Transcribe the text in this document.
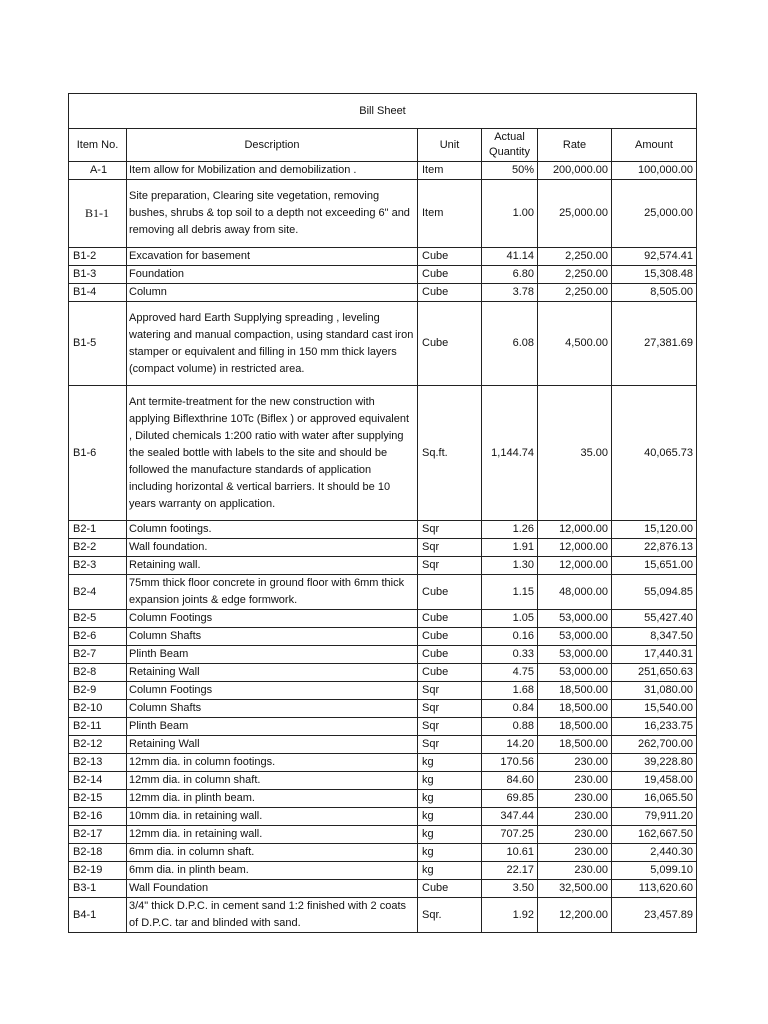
Bill Sheet					
Item No.	Description	Unit	Actual Quantity	Rate	Amount
A-1	Item allow for Mobilization and demobilization .	Item	50%	200,000.00	100,000.00
B1-1	Site preparation, Clearing site vegetation, removing bushes, shrubs & top soil to a depth not exceeding 6" and removing all debris away from site.	Item	1.00	25,000.00	25,000.00
B1-2	Excavation for basement	Cube	41.14	2,250.00	92,574.41
B1-3	Foundation	Cube	6.80	2,250.00	15,308.48
B1-4	Column	Cube	3.78	2,250.00	8,505.00
B1-5	Approved hard Earth Supplying spreading , leveling watering and manual compaction, using standard cast iron stamper or equivalent and filling in 150 mm thick layers (compact volume) in restricted area.	Cube	6.08	4,500.00	27,381.69
B1-6	Ant termite-treatment for the new construction with applying Biflexthrine 10Tc (Biflex ) or approved equivalent , Diluted chemicals 1:200 ratio with water after supplying the sealed bottle with labels to the site and should be followed the manufacture standards of application including horizontal & vertical barriers. It should be 10 years warranty on application.	Sq.ft.	1,144.74	35.00	40,065.73
B2-1	Column footings.	Sqr	1.26	12,000.00	15,120.00
B2-2	Wall foundation.	Sqr	1.91	12,000.00	22,876.13
B2-3	Retaining wall.	Sqr	1.30	12,000.00	15,651.00
B2-4	75mm thick floor concrete in ground floor with 6mm thick expansion joints & edge formwork.	Cube	1.15	48,000.00	55,094.85
B2-5	Column Footings	Cube	1.05	53,000.00	55,427.40
B2-6	Column Shafts	Cube	0.16	53,000.00	8,347.50
B2-7	Plinth Beam	Cube	0.33	53,000.00	17,440.31
B2-8	Retaining Wall	Cube	4.75	53,000.00	251,650.63
B2-9	Column Footings	Sqr	1.68	18,500.00	31,080.00
B2-10	Column Shafts	Sqr	0.84	18,500.00	15,540.00
B2-11	Plinth Beam	Sqr	0.88	18,500.00	16,233.75
B2-12	Retaining Wall	Sqr	14.20	18,500.00	262,700.00
B2-13	12mm dia. in column footings.	kg	170.56	230.00	39,228.80
B2-14	12mm dia. in column shaft.	kg	84.60	230.00	19,458.00
B2-15	12mm dia. in plinth beam.	kg	69.85	230.00	16,065.50
B2-16	10mm dia. in retaining wall.	kg	347.44	230.00	79,911.20
B2-17	12mm dia. in retaining wall.	kg	707.25	230.00	162,667.50
B2-18	6mm dia. in column shaft.	kg	10.61	230.00	2,440.30
B2-19	6mm dia. in plinth beam.	kg	22.17	230.00	5,099.10
B3-1	Wall Foundation	Cube	3.50	32,500.00	113,620.60
B4-1	3/4" thick D.P.C. in cement sand 1:2 finished with 2 coats of D.P.C. tar and blinded with sand.	Sqr.	1.92	12,200.00	23,457.89
